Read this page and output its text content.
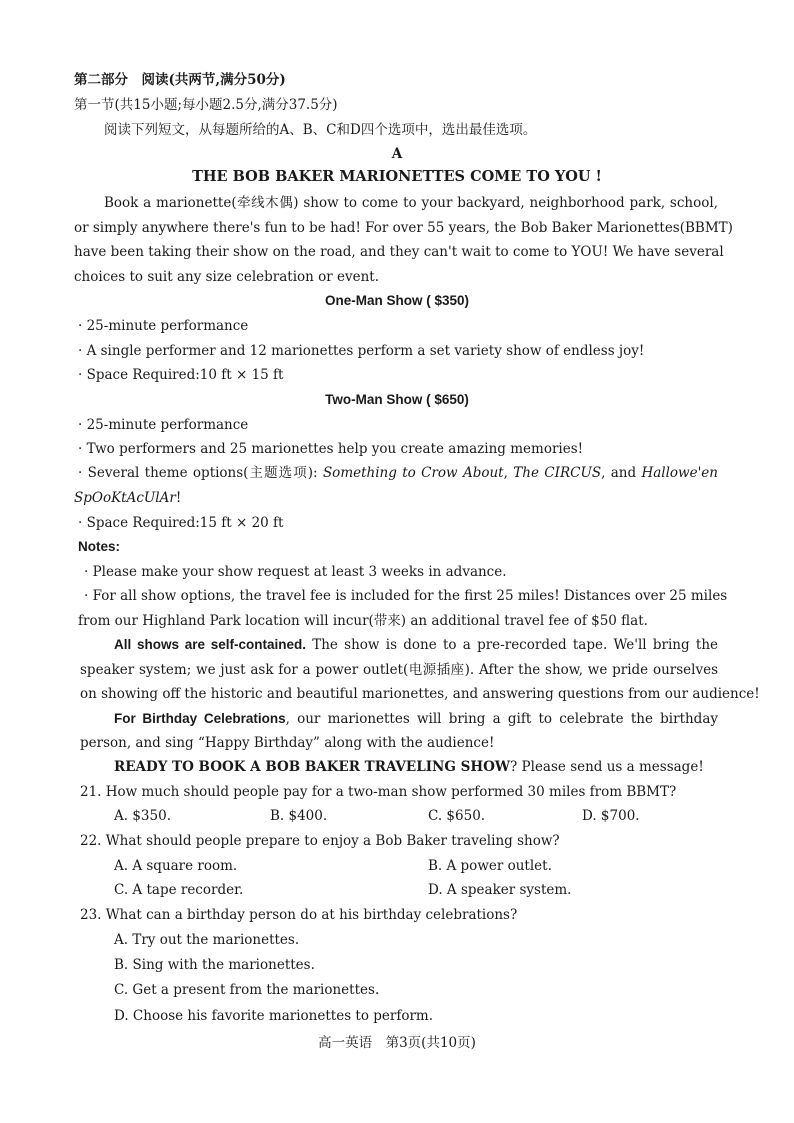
第二部分　阅读(共两节,满分50分)
第一节(共15小题;每小题2.5分,满分37.5分)
阅读下列短文，从每题所给的A、B、C和D四个选项中，选出最佳选项。
A
THE BOB BAKER MARIONETTES COME TO YOU !
Book a marionette(牵线木偶) show to come to your backyard, neighborhood park, school,
or simply anywhere there's fun to be had! For over 55 years, the Bob Baker Marionettes(BBMT)
have been taking their show on the road, and they can't wait to come to YOU! We have several
choices to suit any size celebration or event.
One-Man Show ( $350)
· 25-minute performance
· A single performer and 12 marionettes perform a set variety show of endless joy!
· Space Required:10 ft × 15 ft
Two-Man Show ( $650)
· 25-minute performance
· Two performers and 25 marionettes help you create amazing memories!
· Several theme options(主题选项): Something to Crow About, The CIRCUS, and Hallowe'en
SpOoKtAcUlAr!
· Space Required:15 ft × 20 ft
Notes:
· Please make your show request at least 3 weeks in advance.
· For all show options, the travel fee is included for the first 25 miles! Distances over 25 miles
from our Highland Park location will incur(带来) an additional travel fee of $50 flat.
All shows are self-contained. The show is done to a pre-recorded tape. We'll bring the
speaker system; we just ask for a power outlet(电源插座). After the show, we pride ourselves
on showing off the historic and beautiful marionettes, and answering questions from our audience!
For Birthday Celebrations, our marionettes will bring a gift to celebrate the birthday
person, and sing “Happy Birthday” along with the audience!
READY TO BOOK A BOB BAKER TRAVELING SHOW? Please send us a message!
21. How much should people pay for a two-man show performed 30 miles from BBMT?
A. $350.	B. $400.	C. $650.	D. $700.
22. What should people prepare to enjoy a Bob Baker traveling show?
A. A square room.	B. A power outlet.
C. A tape recorder.	D. A speaker system.
23. What can a birthday person do at his birthday celebrations?
A. Try out the marionettes.
B. Sing with the marionettes.
C. Get a present from the marionettes.
D. Choose his favorite marionettes to perform.
高一英语　第3页(共10页)
